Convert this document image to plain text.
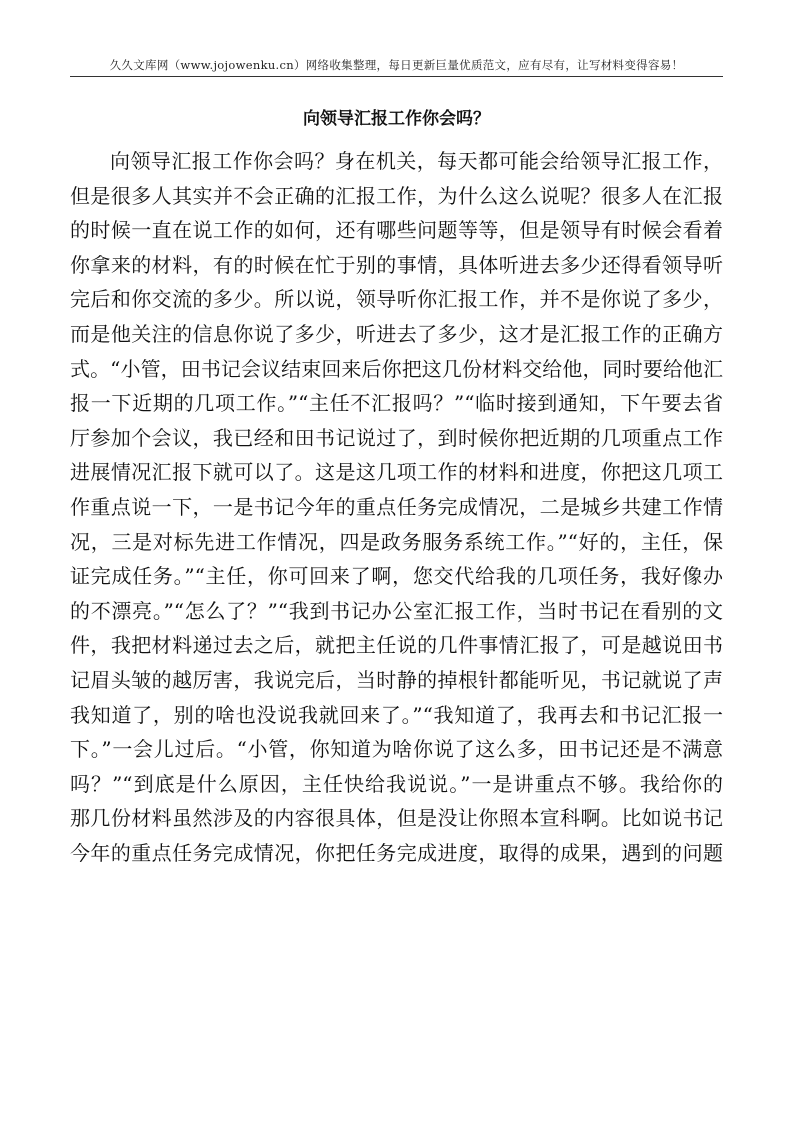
久久文库网（www.jojowenku.cn）网络收集整理，每日更新巨量优质范文，应有尽有，让写材料变得容易！
向领导汇报工作你会吗？
向领导汇报工作你会吗？身在机关，每天都可能会给领导汇报工作，
但是很多人其实并不会正确的汇报工作，为什么这么说呢？很多人在汇报
的时候一直在说工作的如何，还有哪些问题等等，但是领导有时候会看着
你拿来的材料，有的时候在忙于别的事情，具体听进去多少还得看领导听
完后和你交流的多少。所以说，领导听你汇报工作，并不是你说了多少，
而是他关注的信息你说了多少，听进去了多少，这才是汇报工作的正确方
式。“小管，田书记会议结束回来后你把这几份材料交给他，同时要给他汇
报一下近期的几项工作。”“主任不汇报吗？”“临时接到通知，下午要去省
厅参加个会议，我已经和田书记说过了，到时候你把近期的几项重点工作
进展情况汇报下就可以了。这是这几项工作的材料和进度，你把这几项工
作重点说一下，一是书记今年的重点任务完成情况，二是城乡共建工作情
况，三是对标先进工作情况，四是政务服务系统工作。”“好的，主任，保
证完成任务。”“主任，你可回来了啊，您交代给我的几项任务，我好像办
的不漂亮。”“怎么了？”“我到书记办公室汇报工作，当时书记在看别的文
件，我把材料递过去之后，就把主任说的几件事情汇报了，可是越说田书
记眉头皱的越厉害，我说完后，当时静的掉根针都能听见，书记就说了声
我知道了，别的啥也没说我就回来了。”“我知道了，我再去和书记汇报一
下。”一会儿过后。“小管，你知道为啥你说了这么多，田书记还是不满意
吗？”“到底是什么原因，主任快给我说说。”一是讲重点不够。我给你的
那几份材料虽然涉及的内容很具体，但是没让你照本宣科啊。比如说书记
今年的重点任务完成情况，你把任务完成进度，取得的成果，遇到的问题
